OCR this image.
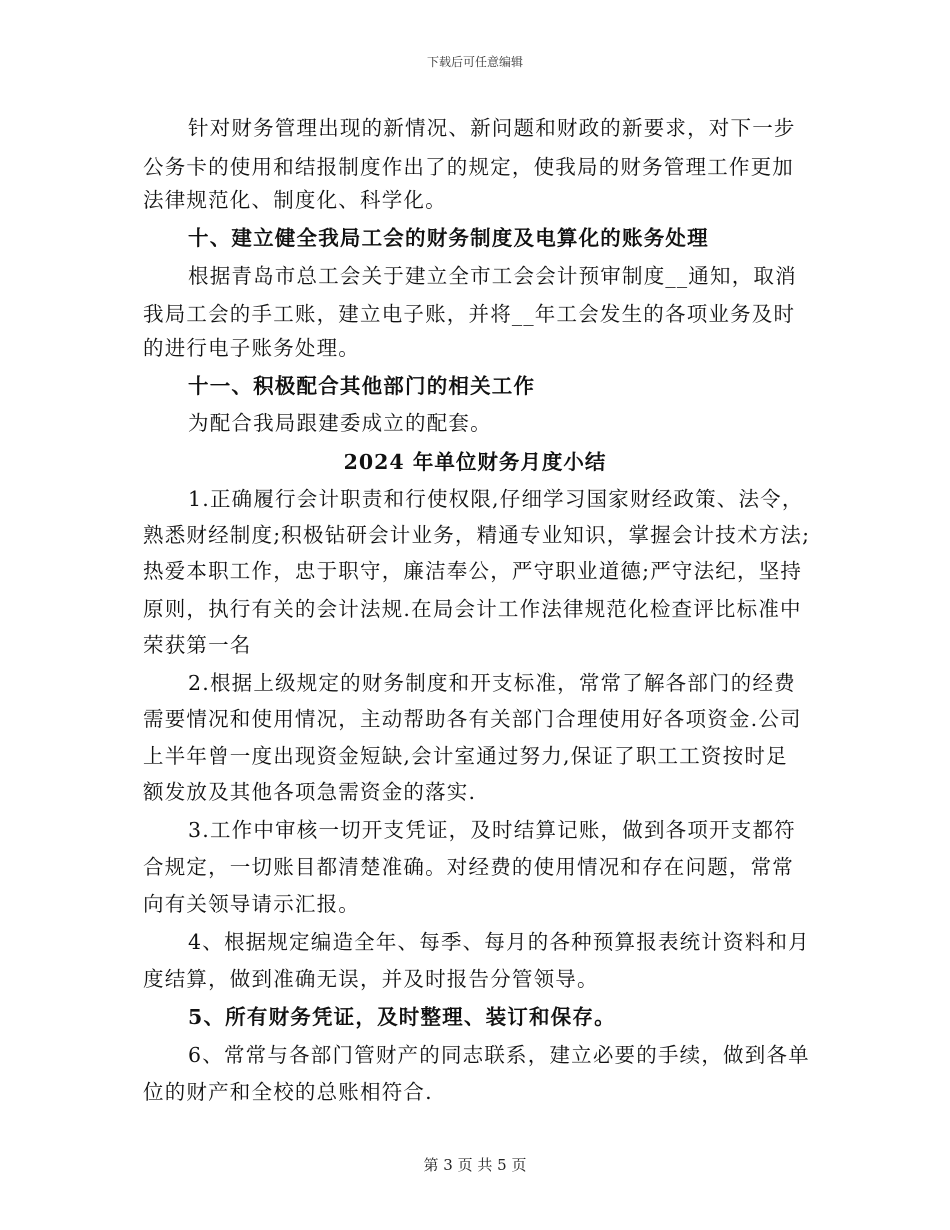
下载后可任意编辑
针对财务管理出现的新情况、新问题和财政的新要求，对下一步
公务卡的使用和结报制度作出了的规定，使我局的财务管理工作更加
法律规范化、制度化、科学化。
十、建立健全我局工会的财务制度及电算化的账务处理
根据青岛市总工会关于建立全市工会会计预审制度__通知，取消
我局工会的手工账，建立电子账，并将__年工会发生的各项业务及时
的进行电子账务处理。
十一、积极配合其他部门的相关工作
为配合我局跟建委成立的配套。
2024 年单位财务月度小结
1.正确履行会计职责和行使权限,仔细学习国家财经政策、法令，
熟悉财经制度;积极钻研会计业务，精通专业知识，掌握会计技术方法;
热爱本职工作，忠于职守，廉洁奉公，严守职业道德;严守法纪，坚持
原则，执行有关的会计法规.在局会计工作法律规范化检查评比标准中
荣获第一名
2.根据上级规定的财务制度和开支标准，常常了解各部门的经费
需要情况和使用情况，主动帮助各有关部门合理使用好各项资金.公司
上半年曾一度出现资金短缺,会计室通过努力,保证了职工工资按时足
额发放及其他各项急需资金的落实.
3.工作中审核一切开支凭证，及时结算记账，做到各项开支都符
合规定，一切账目都清楚准确。对经费的使用情况和存在问题，常常
向有关领导请示汇报。
4、根据规定编造全年、每季、每月的各种预算报表统计资料和月
度结算，做到准确无误，并及时报告分管领导。
5、所有财务凭证，及时整理、装订和保存。
6、常常与各部门管财产的同志联系，建立必要的手续，做到各单
位的财产和全校的总账相符合.
第 3 页 共 5 页
